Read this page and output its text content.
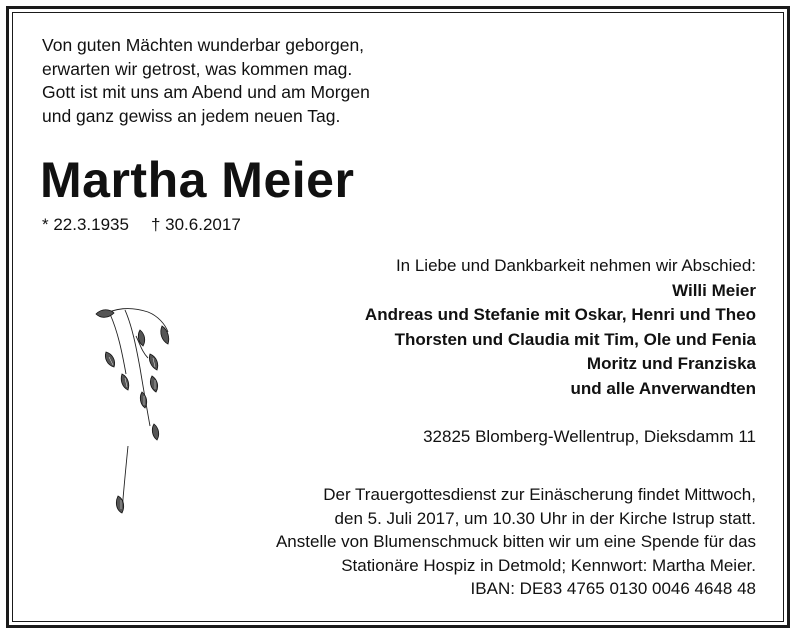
Von guten Mächten wunderbar geborgen,
erwarten wir getrost, was kommen mag.
Gott ist mit uns am Abend und am Morgen
und ganz gewiss an jedem neuen Tag.
Martha Meier
* 22.3.1935 † 30.6.2017
In Liebe und Dankbarkeit nehmen wir Abschied:
Willi Meier
Andreas und Stefanie mit Oskar, Henri und Theo
Thorsten und Claudia mit Tim, Ole und Fenia
Moritz und Franziska
und alle Anverwandten
32825 Blomberg-Wellentrup, Dieksdamm 11
Der Trauergottesdienst zur Einäscherung findet Mittwoch,
den 5. Juli 2017, um 10.30 Uhr in der Kirche Istrup statt.
Anstelle von Blumenschmuck bitten wir um eine Spende für das
Stationäre Hospiz in Detmold; Kennwort: Martha Meier.
IBAN: DE83 4765 0130 0046 4648 48
